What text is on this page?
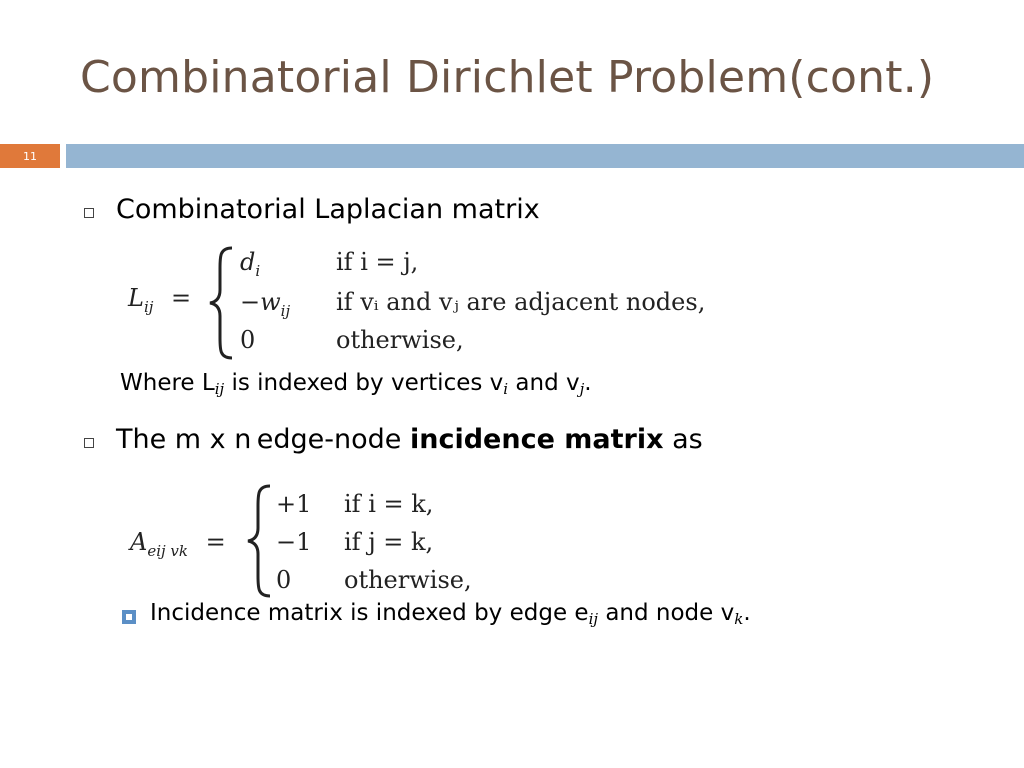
Combinatorial Dirichlet Problem(cont.)
11
Combinatorial Laplacian matrix
$L_{ij}$ =
$d_i$	if i = j,
$-w_{ij}$ if vᵢ and vⱼ are adjacent nodes,
0	otherwise,
Where $L_{ij}$ is indexed by vertices $v_i$ and $v_j$.
The m x n edge-node incidence matrix as
$A_{eij vk}$ =
+1 if i = k,
−1 if j = k,
0 otherwise,
Incidence matrix is indexed by edge $e_{ij}$ and node $v_k$.
